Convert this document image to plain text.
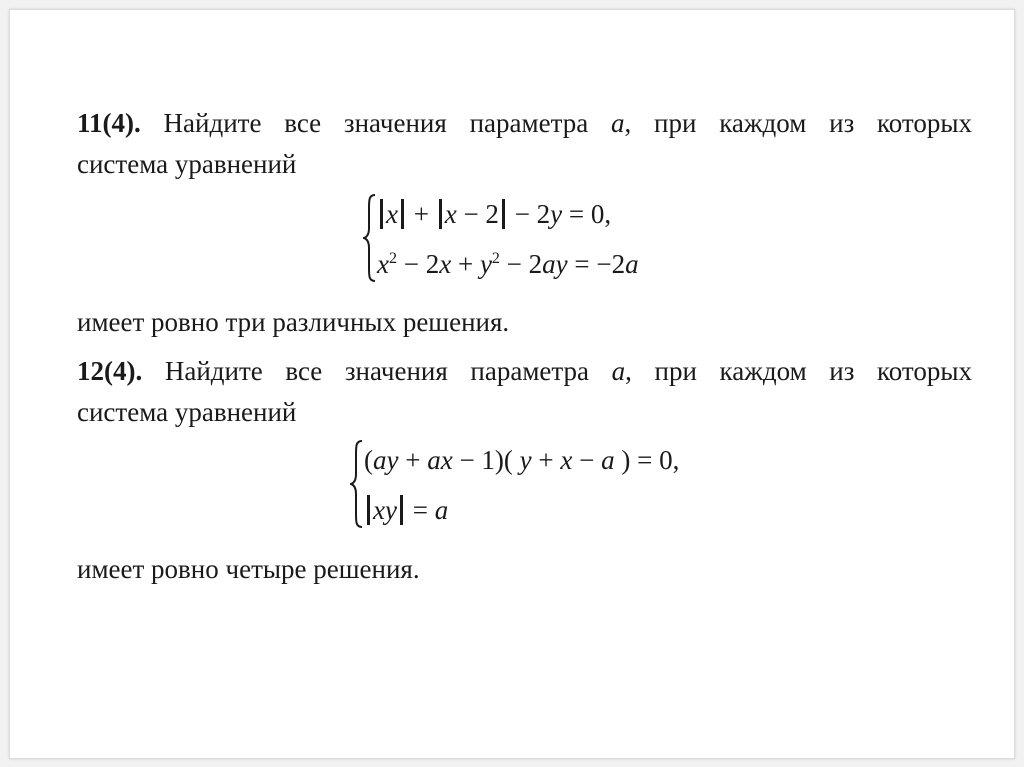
11(4). Найдите все значения параметра a, при каждом из которых
система уравнений
x + x − 2 − 2y = 0,
$x^2 - 2x + y^2 - 2ay = -2a$
имеет ровно три различных решения.
12(4). Найдите все значения параметра a, при каждом из которых
система уравнений
(ay + ax − 1)( y + x − a ) = 0,
xy = a
имеет ровно четыре решения.
